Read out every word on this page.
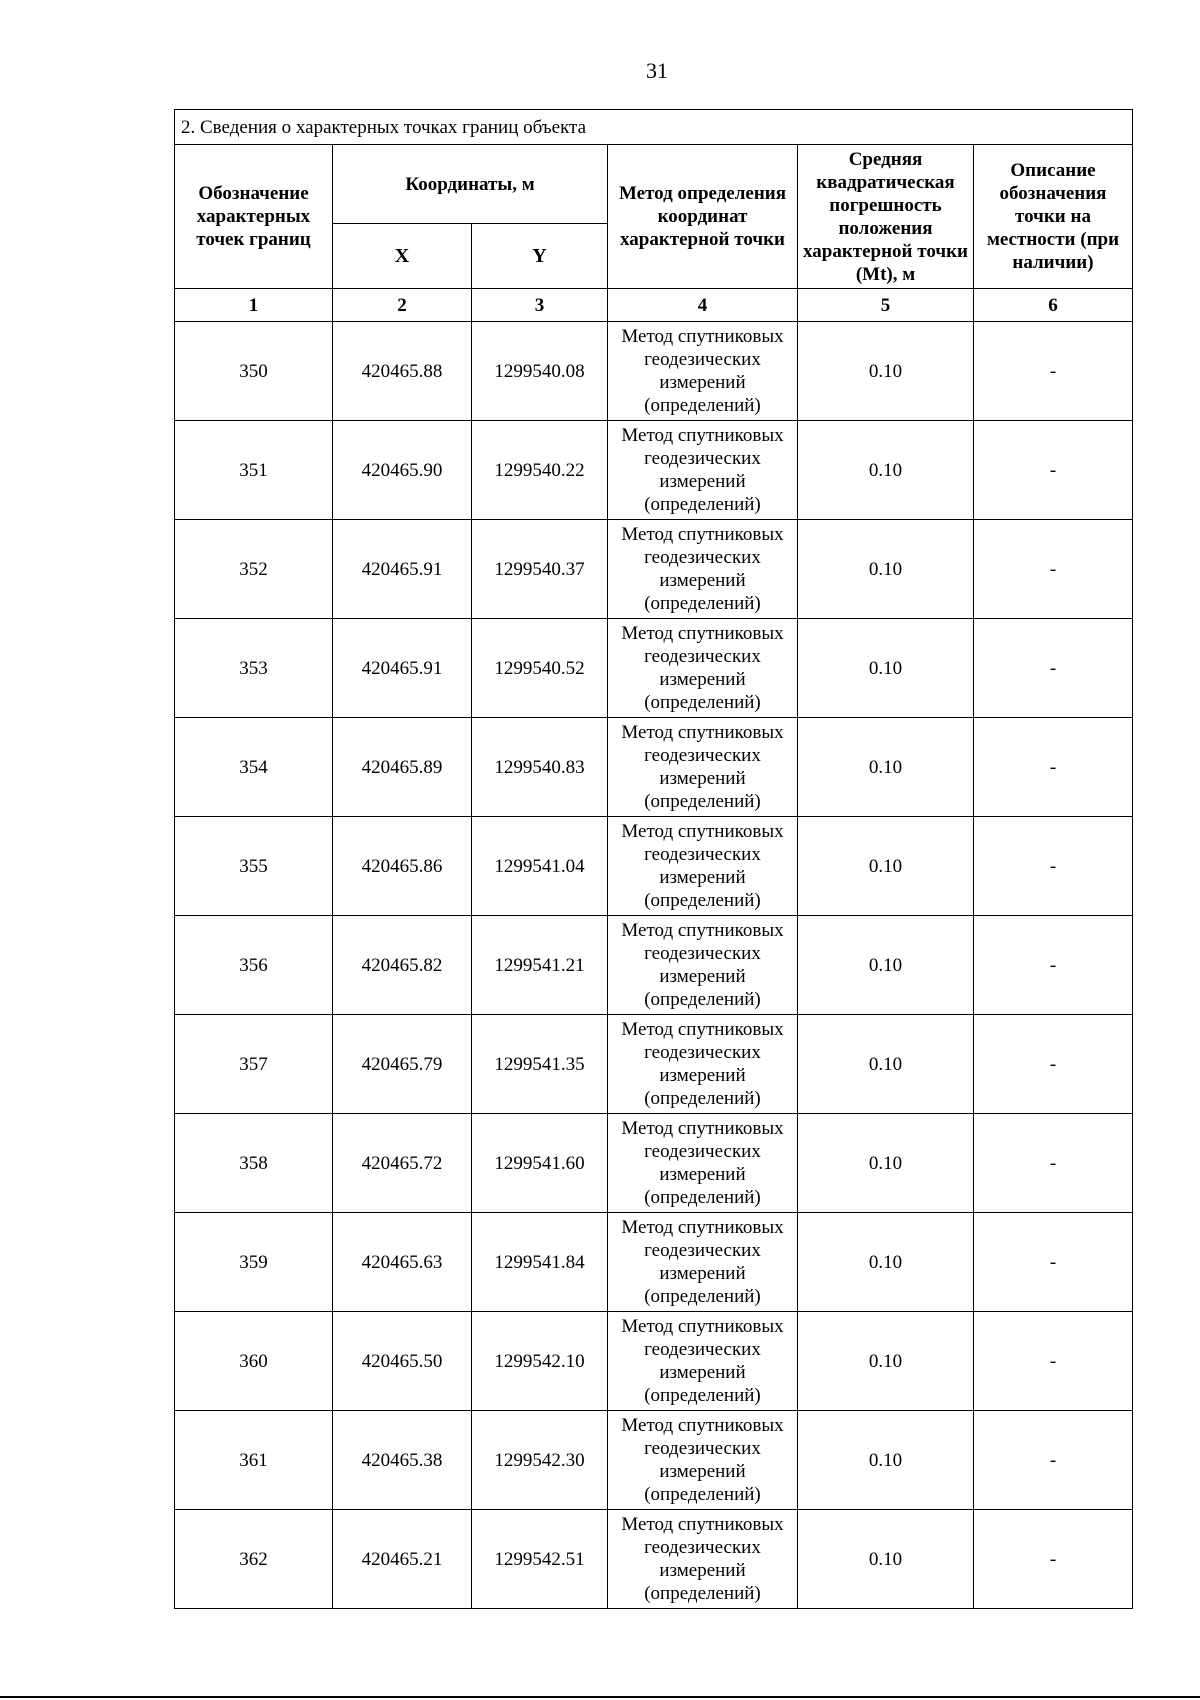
31
2. Сведения о характерных точках границ объекта					
Обозначение характерных точек границ	Координаты, м		Метод определения координат характерной точки	Средняя квадратическая погрешность положения характерной точки (Mt), м	Описание обозначения точки на местности (при наличии)
	X	Y			
1	2	3	4	5	6
350	420465.88	1299540.08	Метод спутниковых геодезических измерений (определений)	0.10	-
351	420465.90	1299540.22	Метод спутниковых геодезических измерений (определений)	0.10	-
352	420465.91	1299540.37	Метод спутниковых геодезических измерений (определений)	0.10	-
353	420465.91	1299540.52	Метод спутниковых геодезических измерений (определений)	0.10	-
354	420465.89	1299540.83	Метод спутниковых геодезических измерений (определений)	0.10	-
355	420465.86	1299541.04	Метод спутниковых геодезических измерений (определений)	0.10	-
356	420465.82	1299541.21	Метод спутниковых геодезических измерений (определений)	0.10	-
357	420465.79	1299541.35	Метод спутниковых геодезических измерений (определений)	0.10	-
358	420465.72	1299541.60	Метод спутниковых геодезических измерений (определений)	0.10	-
359	420465.63	1299541.84	Метод спутниковых геодезических измерений (определений)	0.10	-
360	420465.50	1299542.10	Метод спутниковых геодезических измерений (определений)	0.10	-
361	420465.38	1299542.30	Метод спутниковых геодезических измерений (определений)	0.10	-
362	420465.21	1299542.51	Метод спутниковых геодезических измерений (определений)	0.10	-
